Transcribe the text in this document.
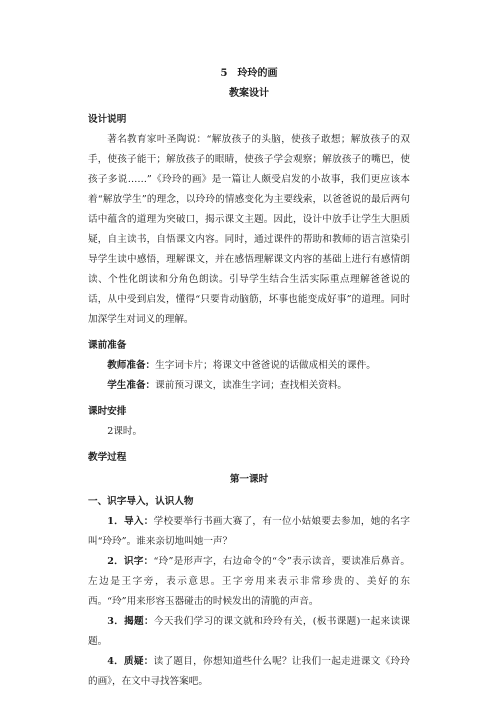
5　玲玲的画
教案设计
设计说明

著名教育家叶圣陶说：“解放孩子的头脑，使孩子敢想；解放孩子的双手，使孩子能干；解放孩子的眼睛，使孩子学会观察；解放孩子的嘴巴，使孩子多说……”《玲玲的画》是一篇让人颇受启发的小故事，我们更应该本着“解放学生”的理念，以玲玲的情感变化为主要线索，以爸爸说的最后两句话中蕴含的道理为突破口，揭示课文主题。因此，设计中放手让学生大胆质疑，自主读书，自悟课文内容。同时，通过课件的帮助和教师的语言渲染引导学生读中感悟，理解课文，并在感悟理解课文内容的基础上进行有感情朗读、个性化朗读和分角色朗读。引导学生结合生活实际重点理解爸爸说的话，从中受到启发，懂得“只要肯动脑筋，坏事也能变成好事”的道理。同时加深学生对词义的理解。

课前准备

教师准备：生字词卡片；将课文中爸爸说的话做成相关的课件。

学生准备：课前预习课文，读准生字词；查找相关资料。

课时安排

2课时。

教学过程
第一课时
一、识字导入，认识人物

1．导入：学校要举行书画大赛了，有一位小姑娘要去参加，她的名字叫“玲玲”。谁来亲切地叫她一声？

2．识字：“玲”是形声字，右边命令的“令”表示读音，要读准后鼻音。左边是王字旁，表示意思。王字旁用来表示非常珍贵的、美好的东西。“玲”用来形容玉器碰击的时候发出的清脆的声音。

3．揭题：今天我们学习的课文就和玲玲有关，(板书课题)一起来读课题。

4．质疑：读了题目，你想知道些什么呢？让我们一起走进课文《玲玲的画》，在文中寻找答案吧。
